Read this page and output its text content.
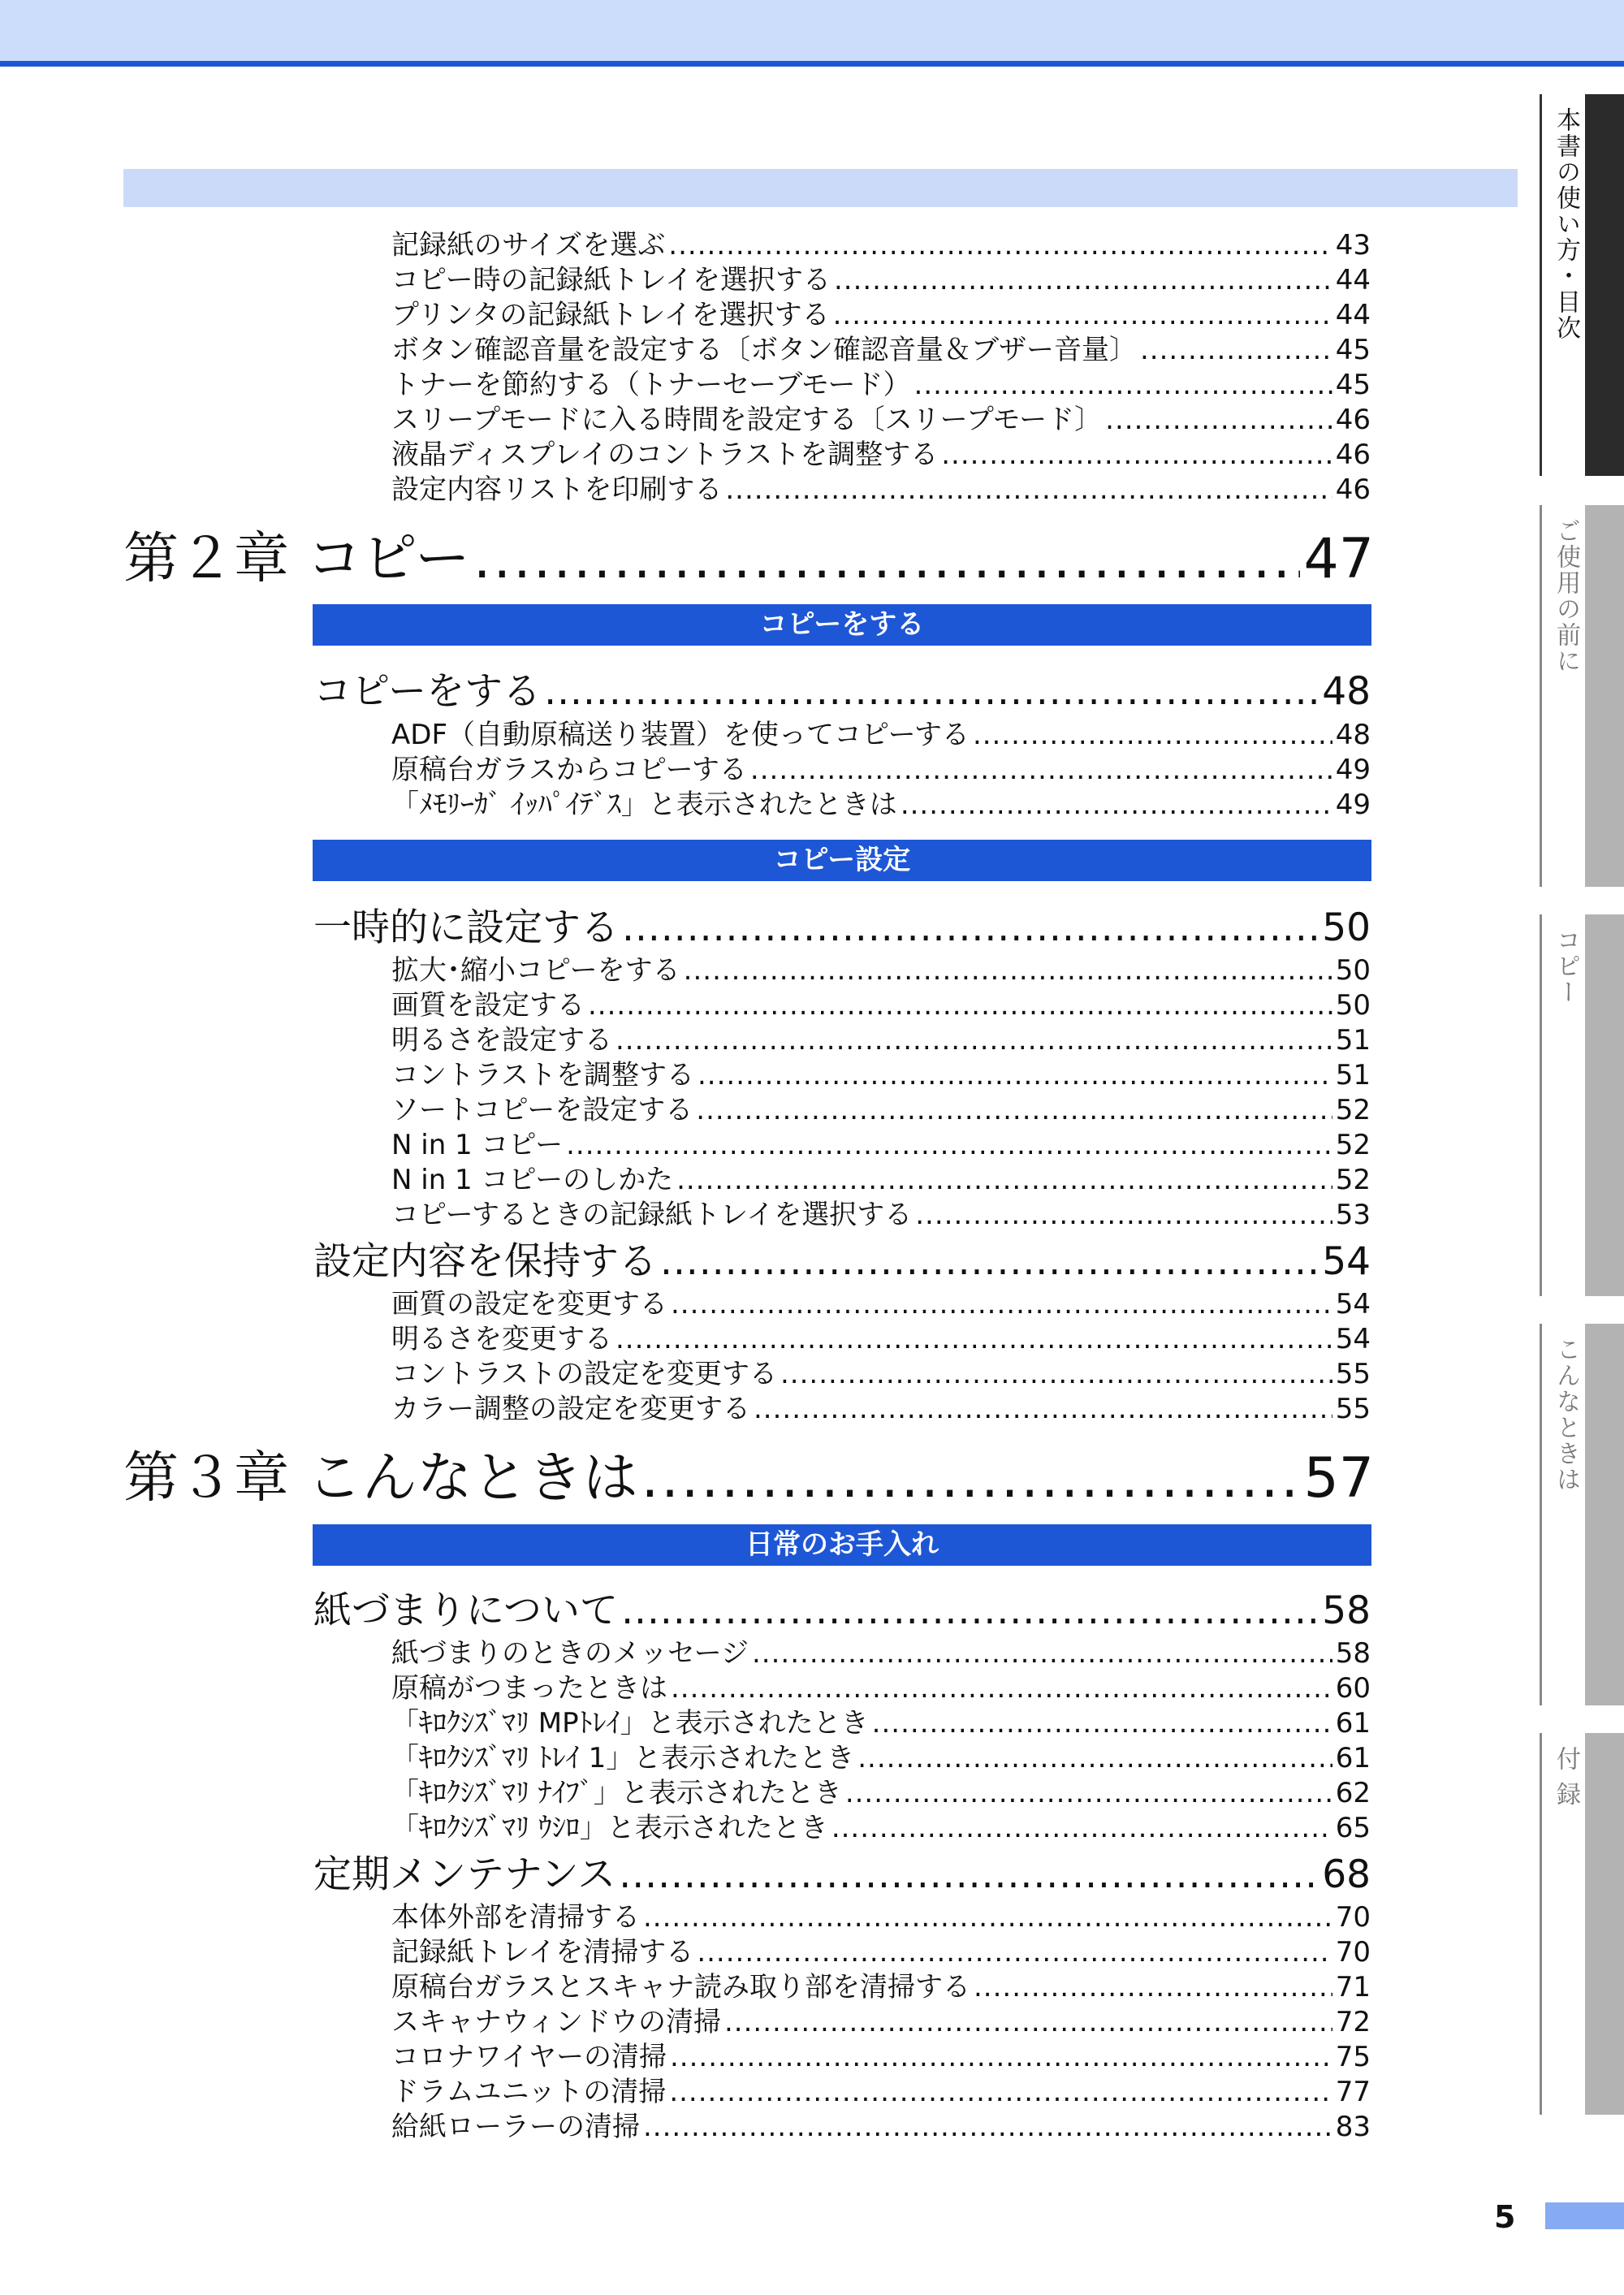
記録紙のサイズを選ぶ .....	43
コピー時の記録紙トレイを選択する .....	44
プリンタの記録紙トレイを選択する .....	44
ボタン確認音量を設定する〔ボタン確認音量＆ブザー音量〕 .....	45
トナーを節約する（トナーセーブモード） .....	45
スリープモードに入る時間を設定する〔スリープモード〕 .....	46
液晶ディスプレイのコントラストを調整する .....	46
設定内容リストを印刷する .....	46
第２章 コピー .....	47
コピーをする
コピーをする .....	48
ADF（自動原稿送り装置）を使ってコピーする .....	48
原稿台ガラスからコピーする .....	49
「ﾒﾓﾘｰｶﾞ ｲｯﾊﾟｲﾃﾞｽ」と表示されたときは .....	49
コピー設定
一時的に設定する .....	50
拡大･縮小コピーをする .....	50
画質を設定する .....	50
明るさを設定する .....	51
コントラストを調整する .....	51
ソートコピーを設定する .....	52
N in 1 コピー .....	52
N in 1 コピーのしかた .....	52
コピーするときの記録紙トレイを選択する .....	53
設定内容を保持する .....	54
画質の設定を変更する .....	54
明るさを変更する .....	54
コントラストの設定を変更する .....	55
カラー調整の設定を変更する .....	55
第３章 こんなときは .....	57
日常のお手入れ
紙づまりについて .....	58
紙づまりのときのメッセージ .....	58
原稿がつまったときは .....	60
「ｷﾛｸｼｽﾞﾏﾘ MPﾄﾚｲ」と表示されたとき .....	61
「ｷﾛｸｼｽﾞﾏﾘ ﾄﾚｲ 1」と表示されたとき .....	61
「ｷﾛｸｼｽﾞﾏﾘ ﾅｲﾌﾞ」と表示されたとき .....	62
「ｷﾛｸｼｽﾞﾏﾘ ｳｼﾛ」と表示されたとき .....	65
定期メンテナンス .....	68
本体外部を清掃する .....	70
記録紙トレイを清掃する .....	70
原稿台ガラスとスキャナ読み取り部を清掃する .....	71
スキャナウィンドウの清掃 .....	72
コロナワイヤーの清掃 .....	75
ドラムユニットの清掃 .....	77
給紙ローラーの清掃 .....	83
本書の使い方・目次
ご使用の前に
コピー
こんなときは
付 録
5
